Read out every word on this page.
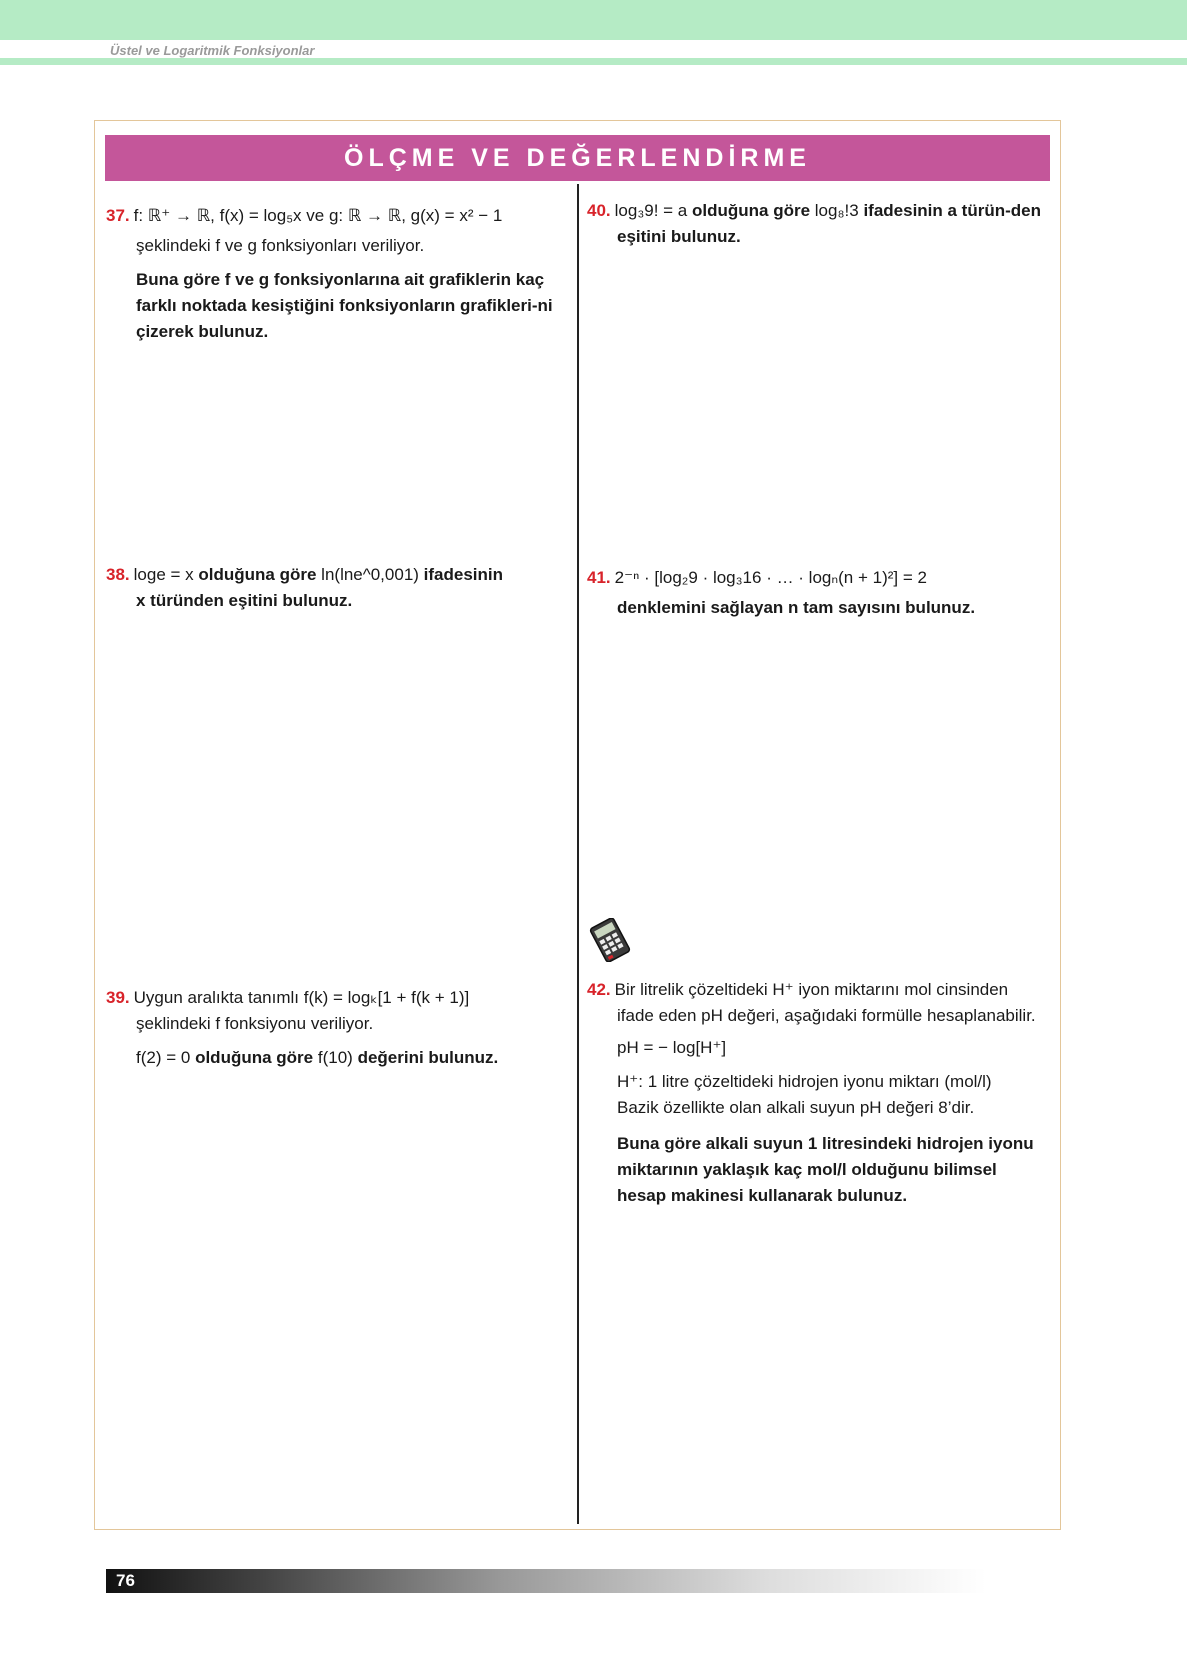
Üstel ve Logaritmik Fonksiyonlar
ÖLÇME VE DEĞERLENDİRME
37. f: ℝ⁺ → ℝ, f(x) = log₅x ve g: ℝ → ℝ, g(x) = x² − 1
şeklindeki f ve g fonksiyonları veriliyor.
Buna göre f ve g fonksiyonlarına ait grafiklerin kaç farklı noktada kesiştiğini fonksiyonların grafikleri-ni çizerek bulunuz.
38. loge = x olduğuna göre ln(lne^0,001) ifadesinin
x türünden eşitini bulunuz.
39. Uygun aralıkta tanımlı f(k) = logₖ[1 + f(k + 1)]
şeklindeki f fonksiyonu veriliyor.
f(2) = 0 olduğuna göre f(10) değerini bulunuz.
40. log₃9! = a olduğuna göre log₈!3 ifadesinin a türün-den eşitini bulunuz.
41. 2⁻ⁿ · [log₂9 · log₃16 · … · logₙ(n + 1)²] = 2
denklemini sağlayan n tam sayısını bulunuz.
42. Bir litrelik çözeltideki H⁺ iyon miktarını mol cinsinden ifade eden pH değeri, aşağıdaki formülle hesaplanabilir.
pH = − log[H⁺]
H⁺: 1 litre çözeltideki hidrojen iyonu miktarı (mol/l)
Bazik özellikte olan alkali suyun pH değeri 8’dir.
Buna göre alkali suyun 1 litresindeki hidrojen iyonu miktarının yaklaşık kaç mol/l olduğunu bilimsel hesap makinesi kullanarak bulunuz.
76
